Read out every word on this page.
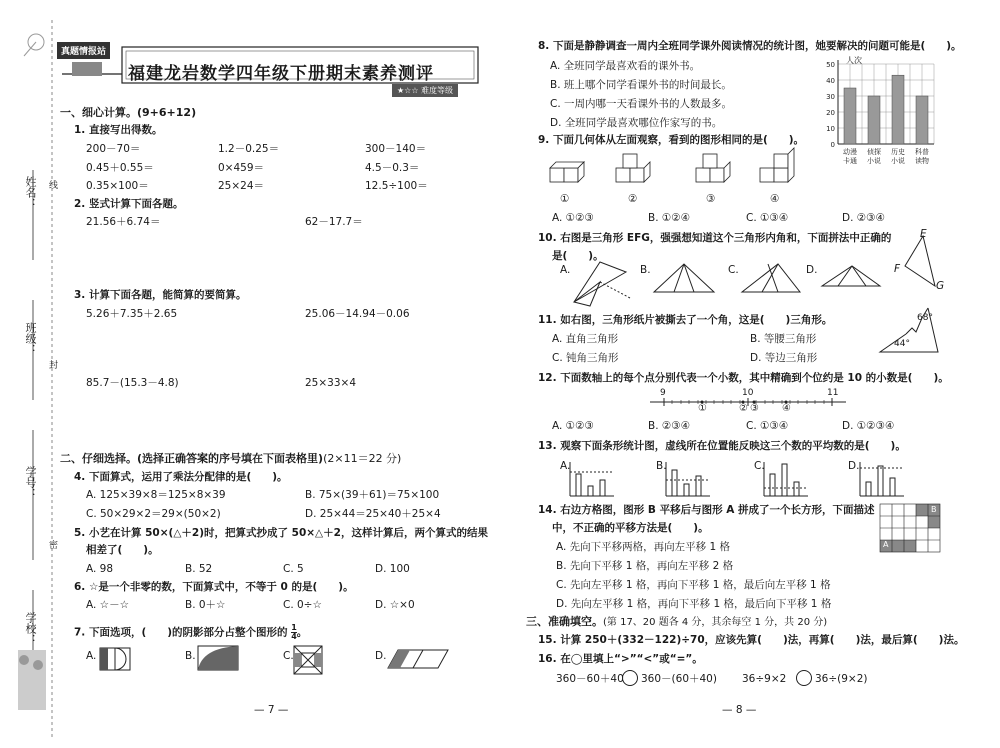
姓名：
班级：
学号：
学校：
线
封
密
真题情报站
福建龙岩数学四年级下册期末素养测评
★☆☆ 难度等级
一、细心计算。(9+6+12)
1. 直接写出得数。
200－70＝	1.2－0.25＝	300－140＝
0.45＋0.55＝	0×459＝	4.5－0.3＝
0.35×100＝	25×24＝	12.5÷100＝
2. 竖式计算下面各题。
21.56＋6.74＝	62－17.7＝
3. 计算下面各题，能简算的要简算。
5.26＋7.35＋2.65	25.06－14.94－0.06
85.7－(15.3－4.8)	25×33×4
二、仔细选择。(选择正确答案的序号填在下面表格里)(2×11＝22 分)
4. 下面算式，运用了乘法分配律的是(　　)。
A. 125×39×8＝125×8×39	B. 75×(39＋61)＝75×100
C. 50×29×2＝29×(50×2)	D. 25×44＝25×40＋25×4
5. 小艺在计算 50×(△＋2)时，把算式抄成了 50×△＋2，这样计算后，两个算式的结果
相差了(　　)。
A. 98	B. 52	C. 5	D. 100
6. ☆是一个非零的数，下面算式中，不等于 0 的是(　　)。
A. ☆－☆	B. 0＋☆	C. 0÷☆	D. ☆×0
7. 下面选项，(　　)的阴影部分占整个图形的 $\frac{1}{4}$ 。
A.	B.	C.	D.
— 7 —
8. 下面是静静调查一周内全班同学课外阅读情况的统计图，她要解决的问题可能是(　　)。
A. 全班同学最喜欢看的课外书。
B. 班上哪个同学看课外书的时间最长。
C. 一周内哪一天看课外书的人数最多。
D. 全班同学最喜欢哪位作家写的书。
0
10
20
30
40
50
动漫
卡通
侦探
小说
历史
小说
科普
读物
人次
9. 下面几何体从左面观察，看到的图形相同的是(　　)。
①	②	③	④
A. ①②③	B. ①②④	C. ①③④	D. ②③④
10. 右图是三角形 EFG，强强想知道这个三角形内角和，下面拼法中正确的
是(　　)。
E
F
G
A.	B.	C.	D.
11. 如右图，三角形纸片被撕去了一个角，这是(　　)三角形。
A. 直角三角形	B. 等腰三角形
C. 钝角三角形	D. 等边三角形
68°
44°
12. 下面数轴上的每个点分别代表一个小数，其中精确到个位约是 10 的小数是(　　)。
9	10	11
①	② ③ ④
A. ①②③	B. ②③④	C. ①③④	D. ①②③④
13. 观察下面条形统计图，虚线所在位置能反映这三个数的平均数的是(　　)。
A.	B.	C.	D.
14. 右边方格图，图形 B 平移后与图形 A 拼成了一个长方形，下面描述
中，不正确的平移方法是(　　)。
A. 先向下平移两格，再向左平移 1 格
B. 先向下平移 1 格，再向左平移 2 格
C. 先向左平移 1 格，再向下平移 1 格，最后向左平移 1 格
D. 先向左平移 1 格，再向下平移 1 格，最后向下平移 1 格
A
B
三、准确填空。(第 17、20 题各 4 分，其余每空 1 分，共 20 分)
15. 计算 250＋(332－122)÷70，应该先算(　　)法，再算(　　)法，最后算(　　)法。
16. 在◯里填上“>”“<”或“=”。
360－60＋40 360－(60＋40) 36÷9×2	36÷(9×2)
— 8 —
